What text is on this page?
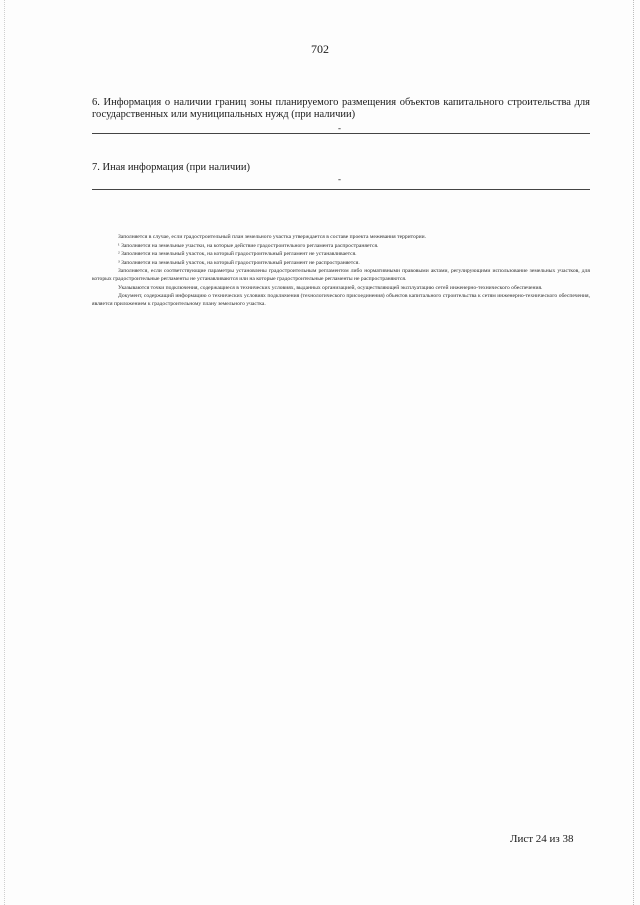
702
6. Информация о наличии границ зоны планируемого размещения объектов капитального строительства для государственных или муниципальных нужд (при наличии)
-
7. Иная информация (при наличии)
-

Заполняется в случае, если градостроительный план земельного участка утверждается в составе проекта межевания территории.

¹ Заполняется на земельные участки, на которые действие градостроительного регламента распространяется.

² Заполняется на земельный участок, на который градостроительный регламент не устанавливается.

³ Заполняется на земельный участок, на который градостроительный регламент не распространяется.

Заполняется, если соответствующие параметры установлены градостроительным регламентом либо нормативными правовыми актами, регулирующими использование земельных участков, для которых градостроительные регламенты не устанавливаются или на которые градостроительные регламенты не распространяются.

Указываются точки подключения, содержащиеся в технических условиях, выданных организацией, осуществляющей эксплуатацию сетей инженерно-технического обеспечения.

Документ, содержащий информацию о технических условиях подключения (технологического присоединения) объектов капитального строительства к сетям инженерно-технического обеспечения, является приложением к градостроительному плану земельного участка.

Лист 24 из 38
